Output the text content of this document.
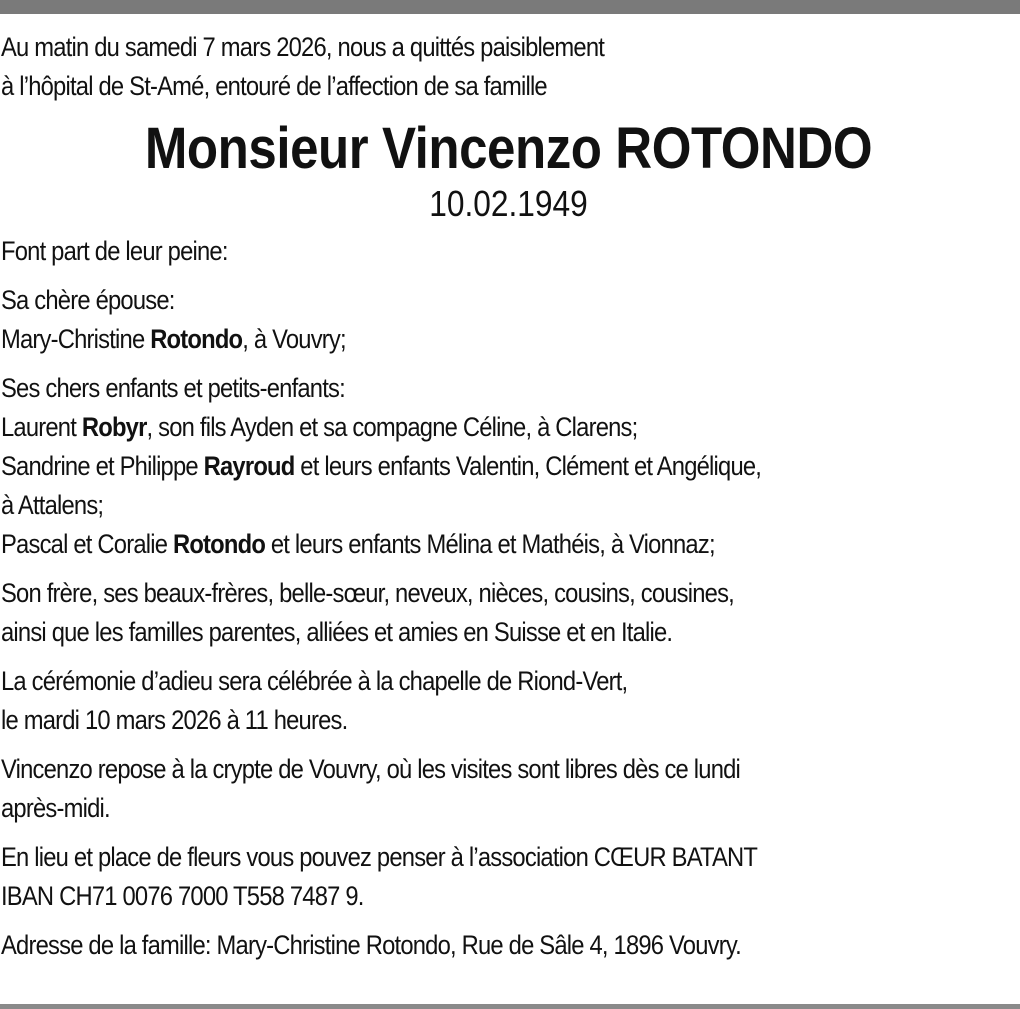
Au matin du samedi 7 mars 2026, nous a quittés paisiblement
à l’hôpital de St-Amé, entouré de l’affection de sa famille
Monsieur Vincenzo ROTONDO
10.02.1949
Font part de leur peine:
Sa chère épouse:
Mary-Christine Rotondo, à Vouvry;
Ses chers enfants et petits-enfants:
Laurent Robyr, son fils Ayden et sa compagne Céline, à Clarens;
Sandrine et Philippe Rayroud et leurs enfants Valentin, Clément et Angélique,
à Attalens;
Pascal et Coralie Rotondo et leurs enfants Mélina et Mathéis, à Vionnaz;
Son frère, ses beaux-frères, belle-sœur, neveux, nièces, cousins, cousines,
ainsi que les familles parentes, alliées et amies en Suisse et en Italie.
La cérémonie d’adieu sera célébrée à la chapelle de Riond-Vert,
le mardi 10 mars 2026 à 11 heures.
Vincenzo repose à la crypte de Vouvry, où les visites sont libres dès ce lundi
après-midi.
En lieu et place de fleurs vous pouvez penser à l’association CŒUR BATANT
IBAN CH71 0076 7000 T558 7487 9.
Adresse de la famille: Mary-Christine Rotondo, Rue de Sâle 4, 1896 Vouvry.
